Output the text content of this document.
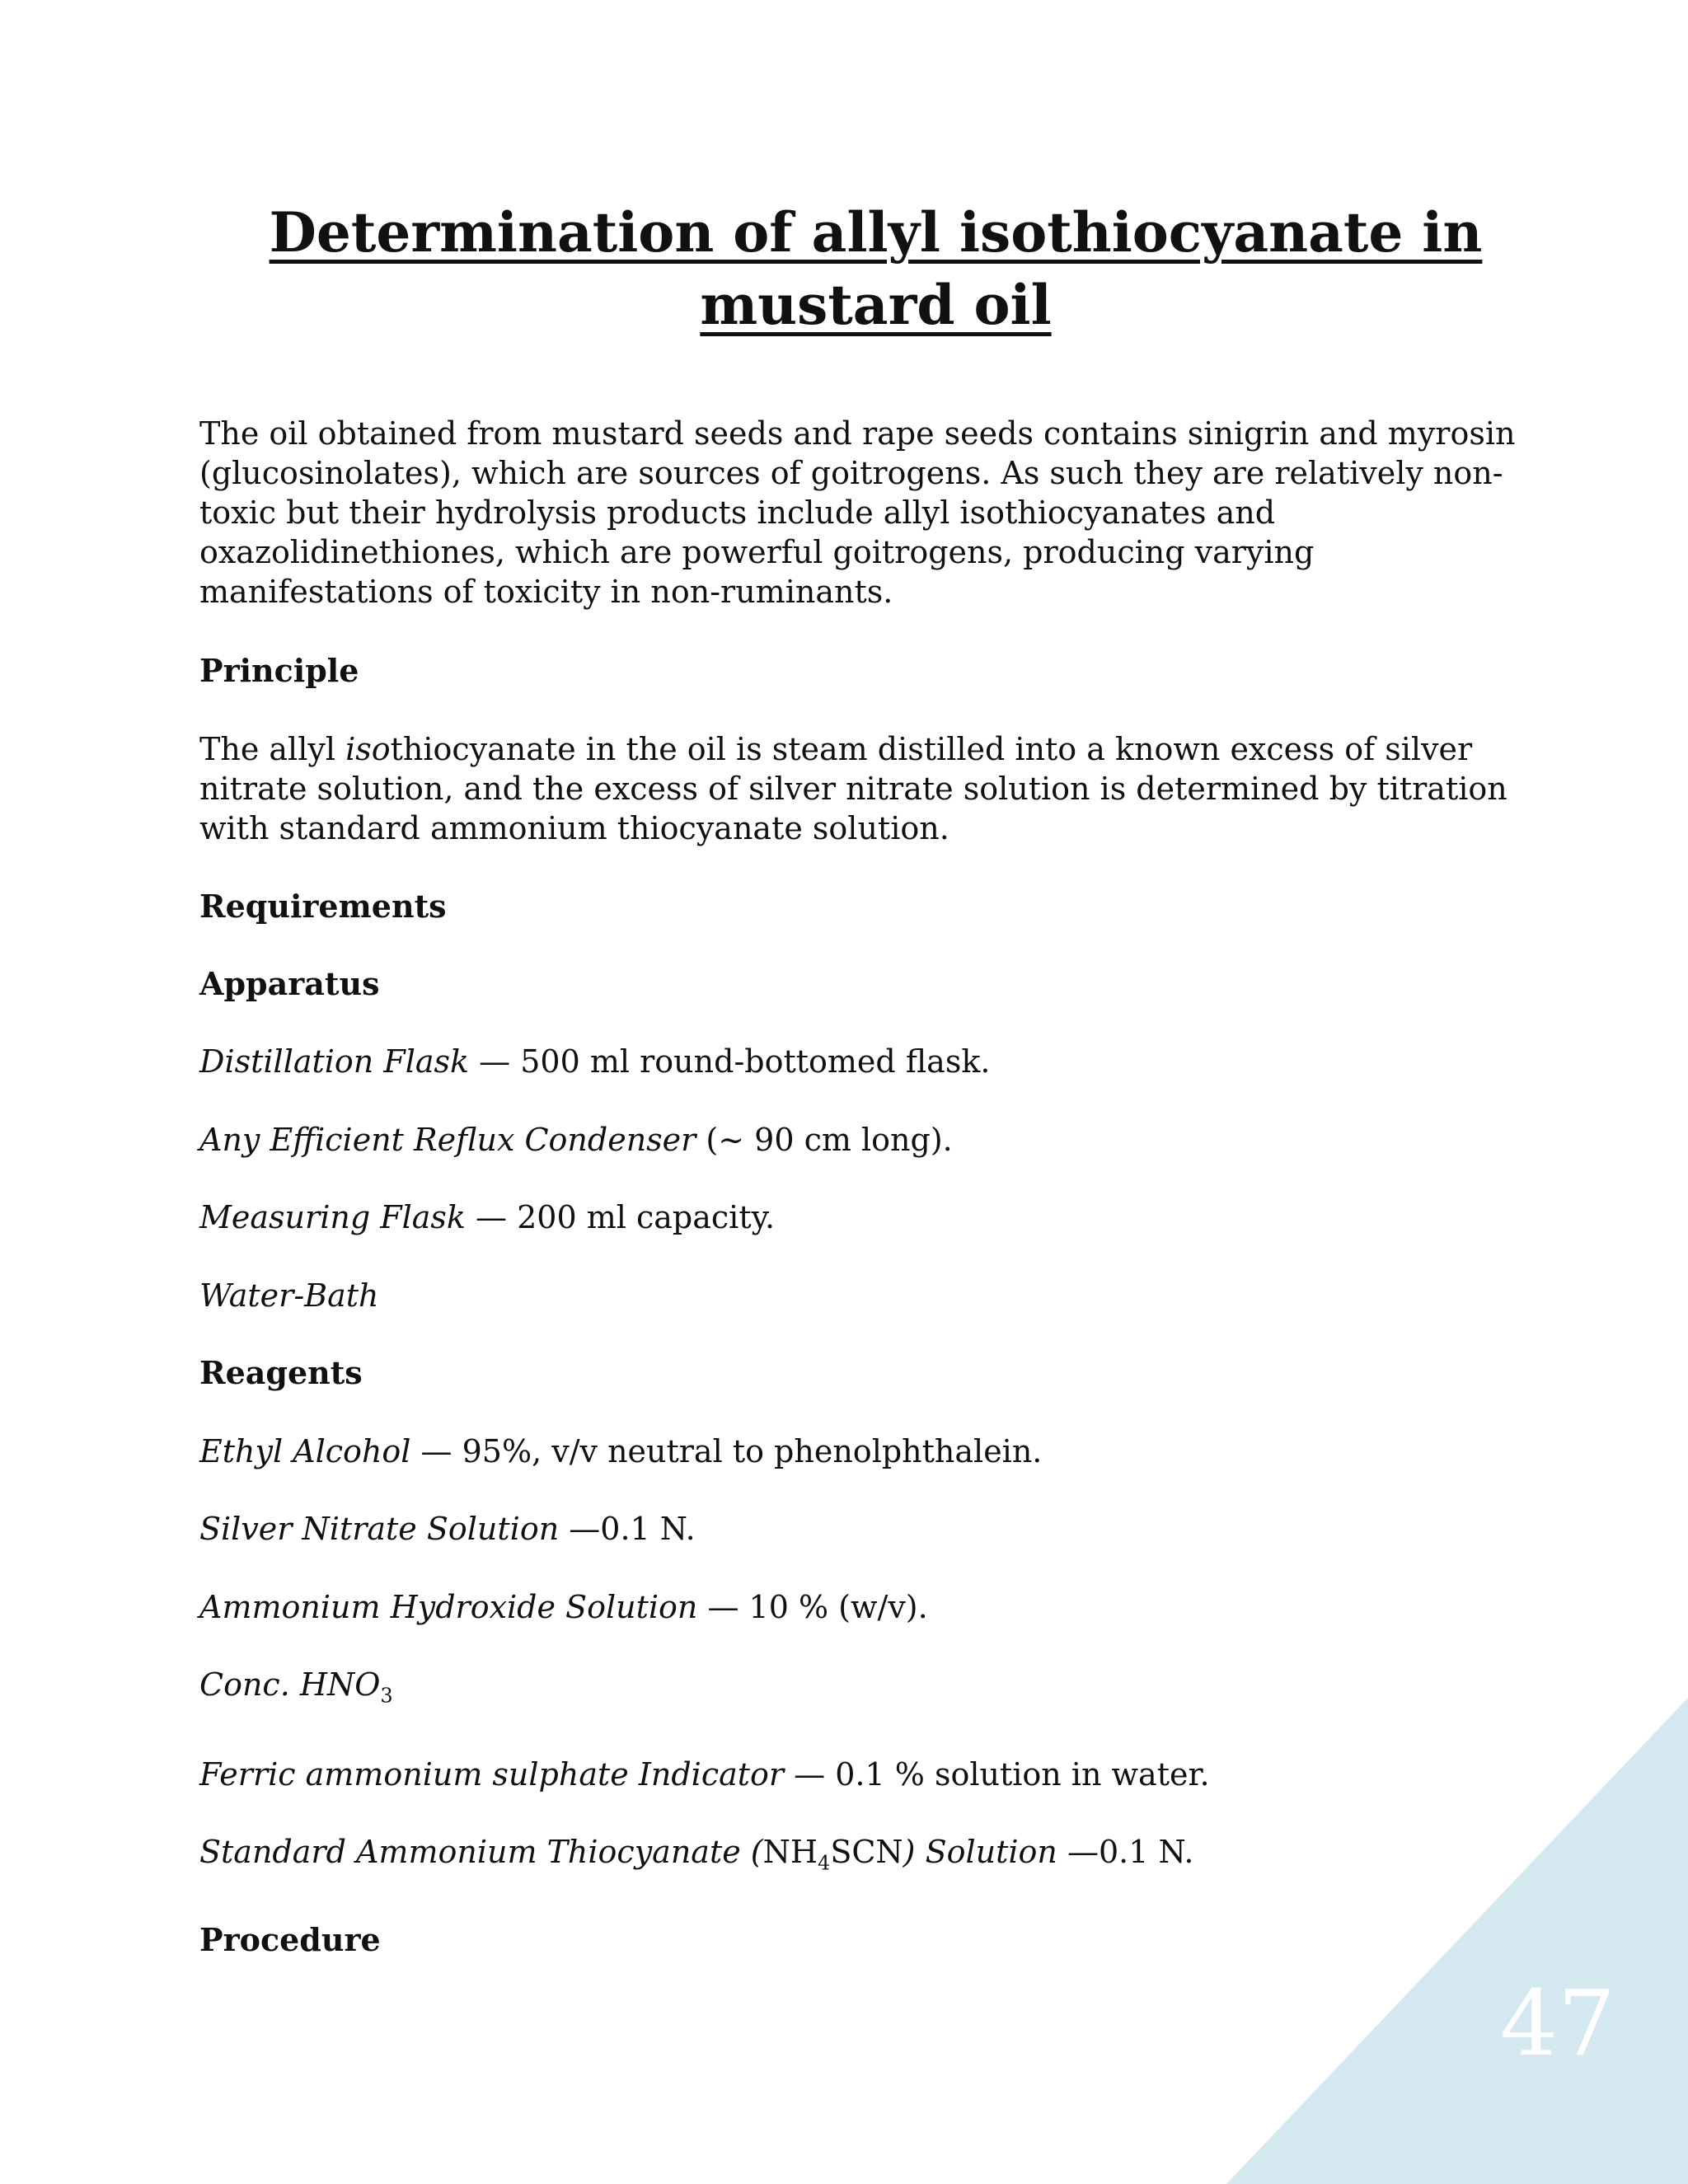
Determination of allyl isothiocyanate in
mustard oil

The oil obtained from mustard seeds and rape seeds contains sinigrin and myrosin (glucosinolates), which are sources of goitrogens. As such they are relatively non-toxic but their hydrolysis products include allyl isothiocyanates and oxazolidinethiones, which are powerful goitrogens, producing varying manifestations of toxicity in non-ruminants.

Principle

The allyl isothiocyanate in the oil is steam distilled into a known excess of silver nitrate solution, and the excess of silver nitrate solution is determined by titration with standard ammonium thiocyanate solution.

Requirements

Apparatus

Distillation Flask — 500 ml round-bottomed flask.

Any Efficient Reflux Condenser (~ 90 cm long).

Measuring Flask — 200 ml capacity.

Water-Bath

Reagents

Ethyl Alcohol — 95%, v/v neutral to phenolphthalein.

Silver Nitrate Solution —0.1 N.

Ammonium Hydroxide Solution — 10 % (w/v).

Conc. $HNO_3$

Ferric ammonium sulphate Indicator — 0.1 % solution in water.

Standard Ammonium Thiocyanate $(NH_4SCN)$ Solution —0.1 N.

Procedure

47
